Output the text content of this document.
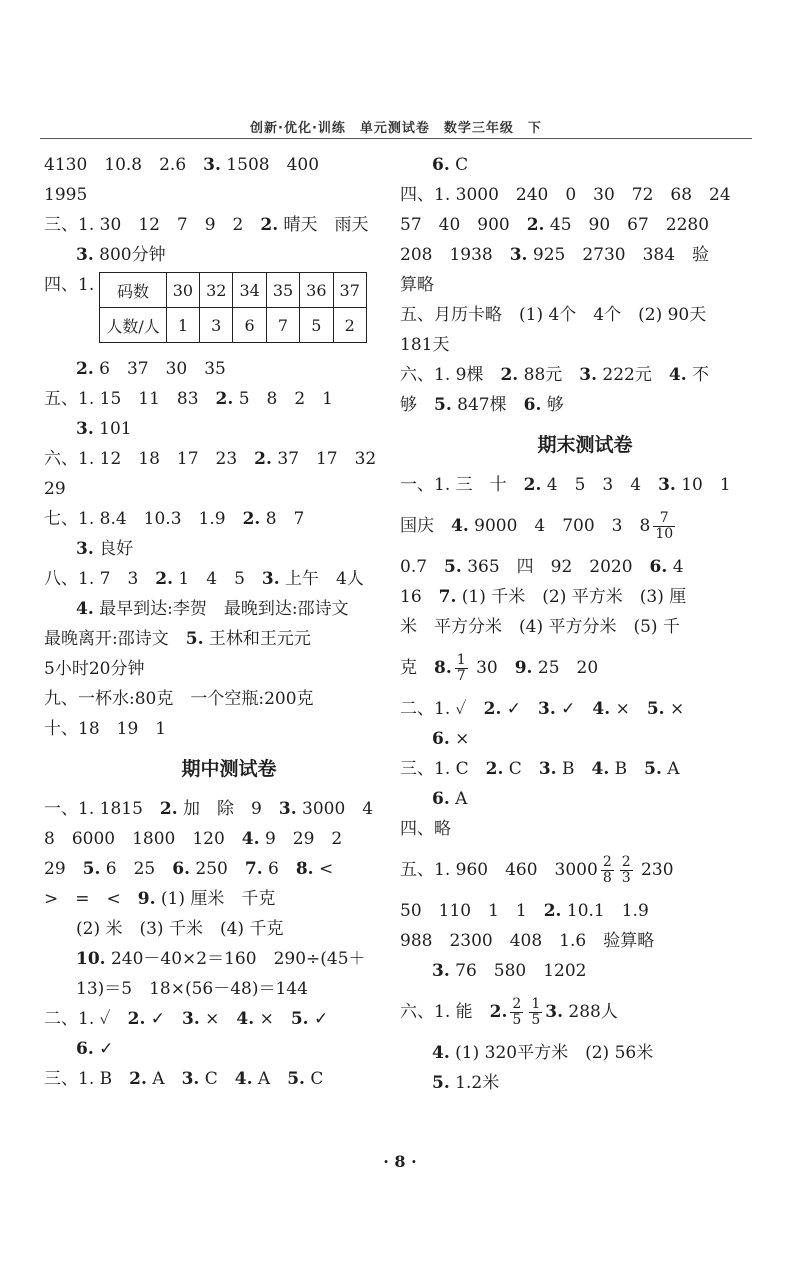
创新·优化·训练　单元测试卷　数学三年级　下
4130　10.8　2.6　3. 1508　400
1995
三、1. 30　12　7　9　2　2. 晴天　雨天
3. 800分钟
四、1. 码数	30	32	34	35	36	37
人数/人	1	3	6	7	5	2
2. 6　37　30　35
五、1. 15　11　83　2. 5　8　2　1
3. 101
六、1. 12　18　17　23　2. 37　17　32
29
七、1. 8.4　10.3　1.9　2. 8　7
3. 良好
八、1. 7　3　2. 1　4　5　3. 上午　4人
4. 最早到达:李贺　最晚到达:邵诗文
最晚离开:邵诗文　5. 王林和王元元
5小时20分钟
九、一杯水:80克　一个空瓶:200克
十、18　19　1
期中测试卷
一、1. 1815　2. 加　除　9　3. 3000　4
8　6000　1800　120　4. 9　29　2
29　5. 6　25　6. 250　7. 6　8. <
>　=　<　9. (1) 厘米　千克
(2) 米　(3) 千米　(4) 千克
10. 240－40×2＝160　290÷(45＋
13)＝5　18×(56－48)＝144
二、1. ✓　2. ✓　3. ×　4. ×　5. ✓
6. ✓
三、1. B　2. A　3. C　4. A　5. C
6. C
四、1. 3000　240　0　30　72　68　24
57　40　900　2. 45　90　67　2280
208　1938　3. 925　2730　384　验
算略
五、月历卡略　(1) 4个　4个　(2) 90天
181天
六、1. 9棵　2. 88元　3. 222元　4. 不
够　5. 847棵　6. 够
期末测试卷
一、1. 三　十　2. 4　5　3　4　3. 10　1
国庆　4. 9000　4　700　3　$8 \frac{7}{10}$
0.7　5. 365　四　92　2020　6. 4
16　7. (1) 千米　(2) 平方米　(3) 厘
米　平方分米　(4) 平方分米　(5) 千
克　8. $\frac{1}{7} 30$　9. 25　20
二、1. ✓　2. ✓　3. ✓　4. ×　5. ×
6. ×
三、1. C　2. C　3. B　4. B　5. A
6. A
四、略
五、1. 960　460　$3000 \frac{2}{8} \frac{2}{3} 230$
50　110　1　1　2. 10.1　1.9
988　2300　408　1.6　验算略
3. 76　580　1202
六、1. 能　2. $\frac{2}{5} \frac{1}{5} 3$. 288人
4. (1) 320平方米　(2) 56米
5. 1.2米
· 8 ·
